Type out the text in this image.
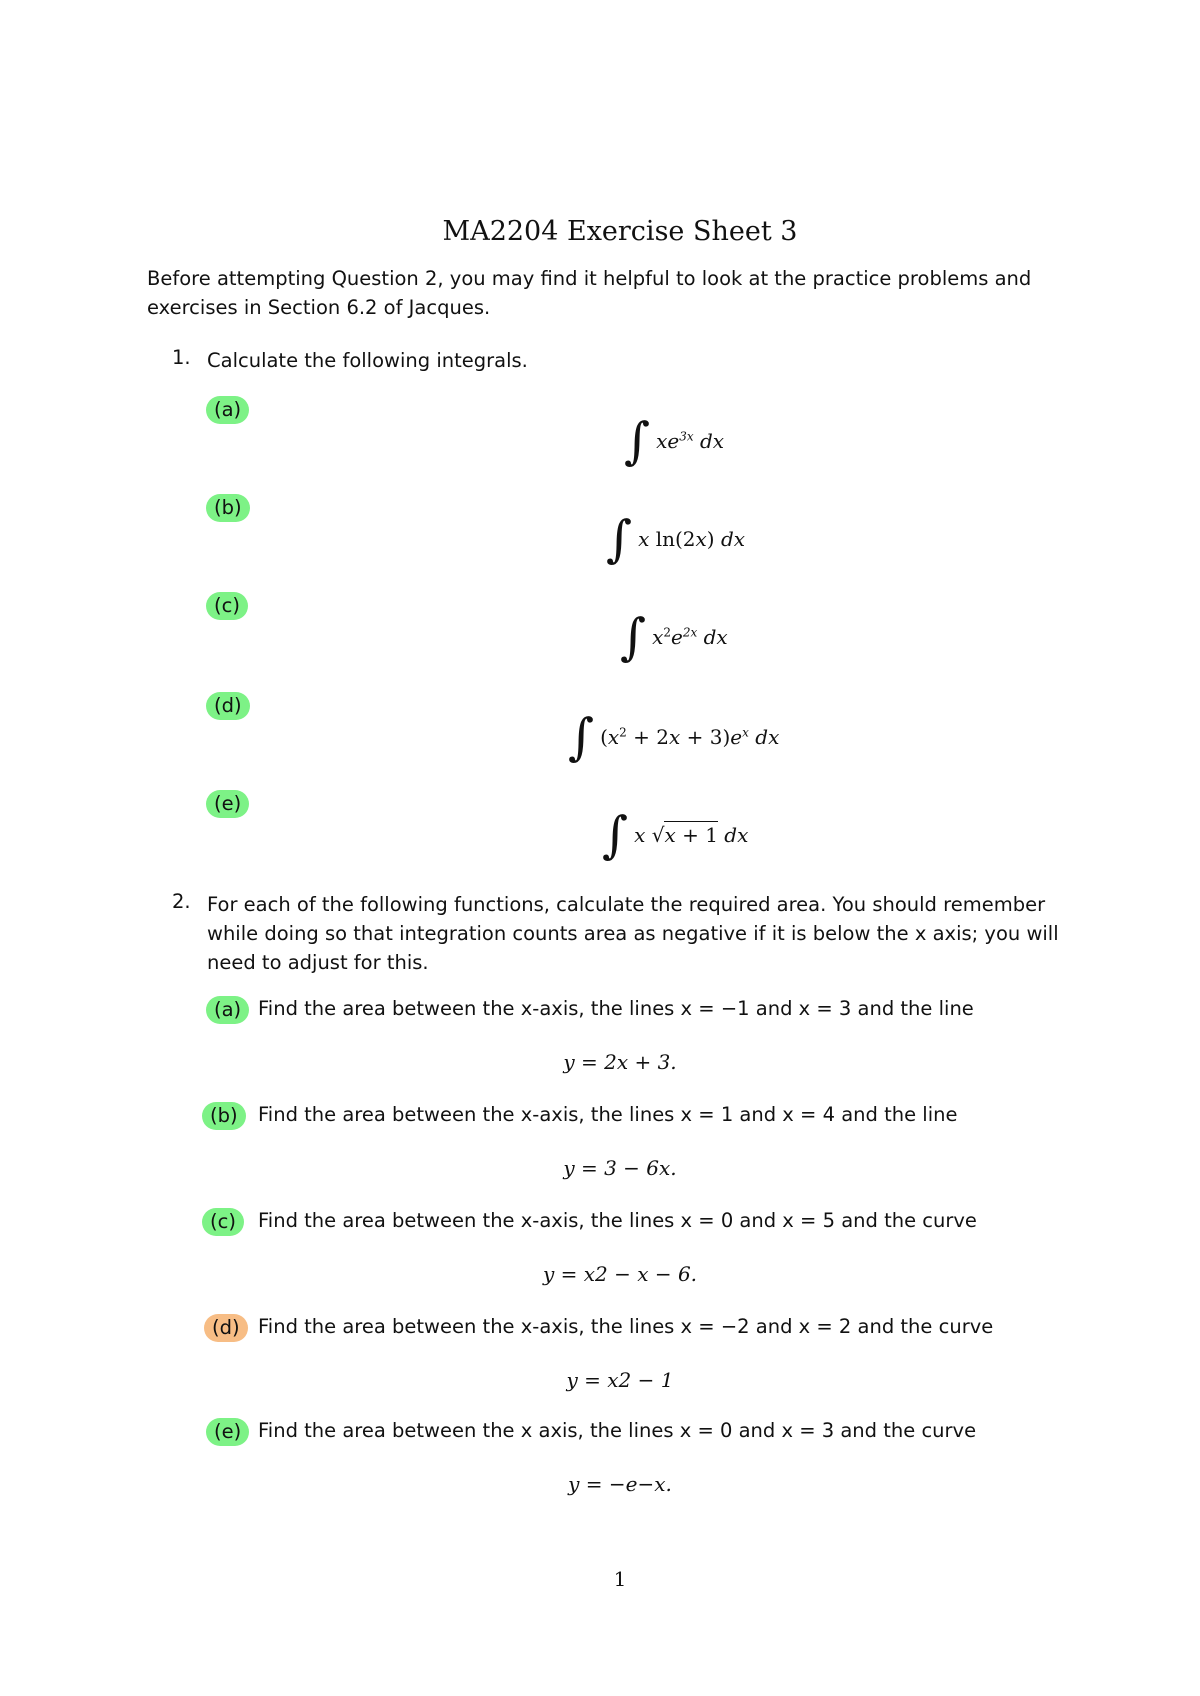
MA2204 Exercise Sheet 3
Before attempting Question 2, you may find it helpful to look at the practice problems and exercises in Section 6.2 of Jacques.
1. Calculate the following integrals.
(a)
∫ $xe^{3x}$ dx
(b)
∫ x ln(2x) dx
(c)
∫ $x^2e^{2x}$ dx
(d)
∫ $(x^2 + 2x + 3)e^x$ dx
(e)
∫ x √x + 1 dx
2. For each of the following functions, calculate the required area. You should remember while doing so that integration counts area as negative if it is below the x axis; you will need to adjust for this.
(a) Find the area between the x-axis, the lines x = −1 and x = 3 and the line
y = 2x + 3.
(b)	Find the area between the x-axis, the lines x = 1 and x = 4 and the line
y = 3 − 6x.
(c)	Find the area between the x-axis, the lines x = 0 and x = 5 and the curve
y = x2 − x − 6.
(d) Find the area between the x-axis, the lines x = −2 and x = 2 and the curve
y = x2 − 1
(e) Find the area between the x axis, the lines x = 0 and x = 3 and the curve
y = −e−x.
1
